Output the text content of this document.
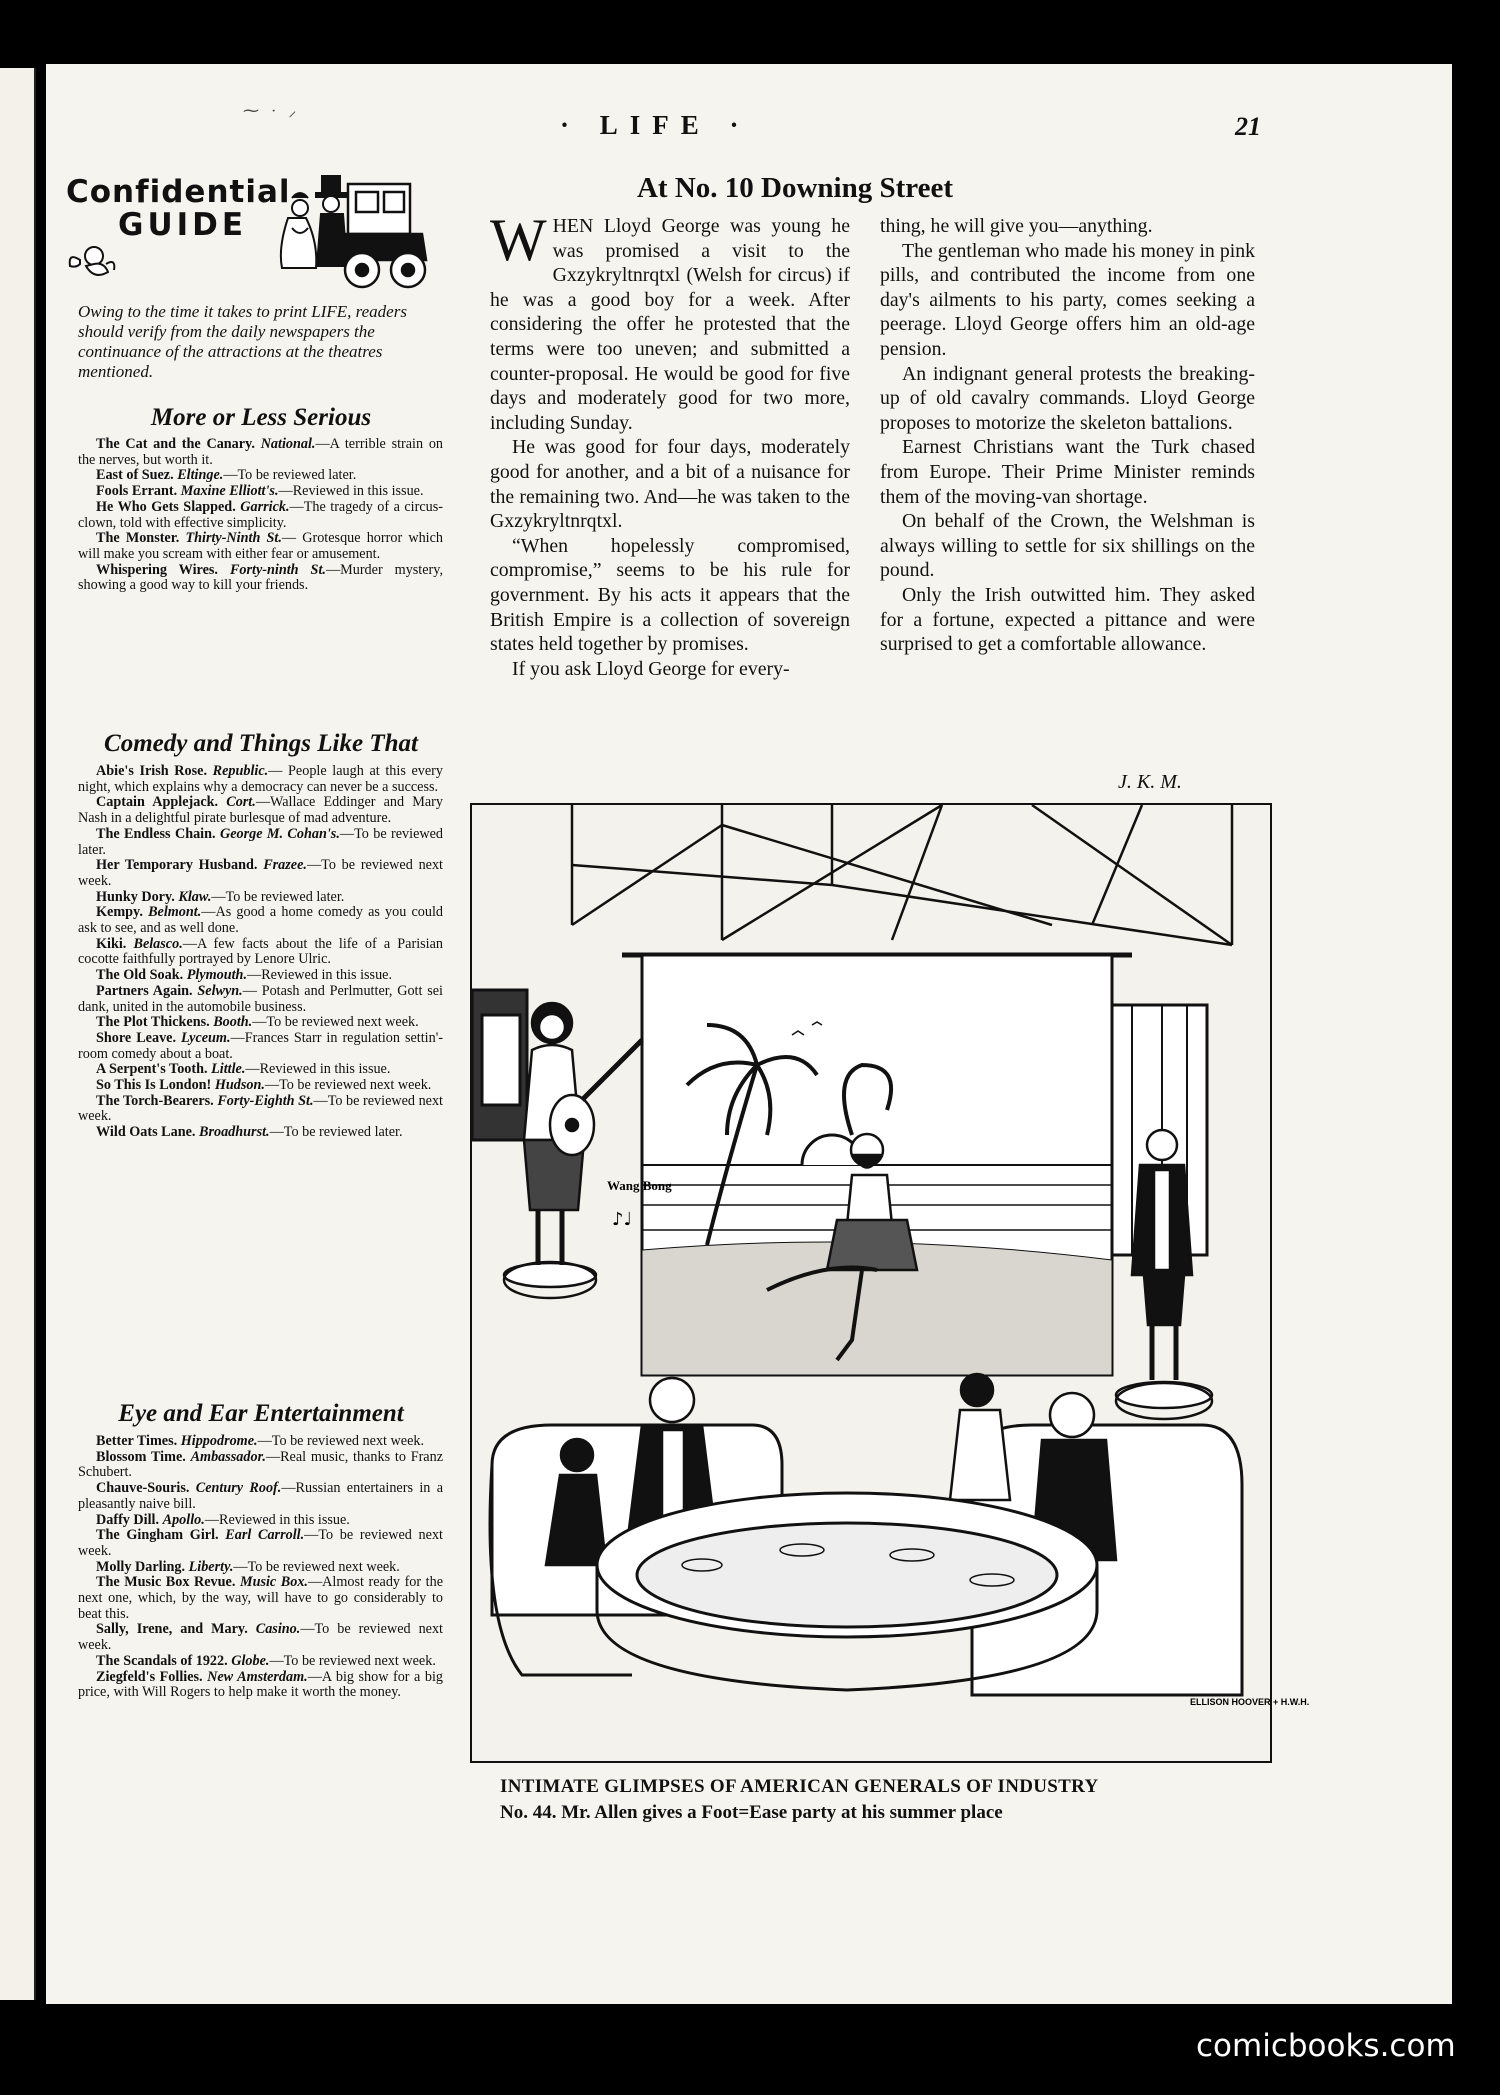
⁓ · ⸝	· LIFE ·	21
Confidential
GUIDE
Owing to the time it takes to print LIFE, readers should verify from the daily newspapers the continuance of the attractions at the theatres mentioned.
More or Less Serious

The Cat and the Canary. National.—A terrible strain on the nerves, but worth it.

East of Suez. Eltinge.—To be reviewed later.

Fools Errant. Maxine Elliott's.—Reviewed in this issue.

He Who Gets Slapped. Garrick.—The tragedy of a circus-clown, told with effective simplicity.

The Monster. Thirty-Ninth St.— Grotesque horror which will make you scream with either fear or amusement.

Whispering Wires. Forty-ninth St.—Murder mystery, showing a good way to kill your friends.

Comedy and Things Like That

Abie's Irish Rose. Republic.— People laugh at this every night, which explains why a democracy can never be a success.

Captain Applejack. Cort.—Wallace Eddinger and Mary Nash in a delightful pirate burlesque of mad adventure.

The Endless Chain. George M. Cohan's.—To be reviewed later.

Her Temporary Husband. Frazee.—To be reviewed next week.

Hunky Dory. Klaw.—To be reviewed later.

Kempy. Belmont.—As good a home comedy as you could ask to see, and as well done.

Kiki. Belasco.—A few facts about the life of a Parisian cocotte faithfully portrayed by Lenore Ulric.

The Old Soak. Plymouth.—Reviewed in this issue.

Partners Again. Selwyn.— Potash and Perlmutter, Gott sei dank, united in the automobile business.

The Plot Thickens. Booth.—To be reviewed next week.

Shore Leave. Lyceum.—Frances Starr in regulation settin'-room comedy about a boat.

A Serpent's Tooth. Little.—Reviewed in this issue.

So This Is London! Hudson.—To be reviewed next week.

The Torch-Bearers. Forty-Eighth St.—To be reviewed next week.

Wild Oats Lane. Broadhurst.—To be reviewed later.

Eye and Ear Entertainment

Better Times. Hippodrome.—To be reviewed next week.

Blossom Time. Ambassador.—Real music, thanks to Franz Schubert.

Chauve-Souris. Century Roof.—Russian entertainers in a pleasantly naive bill.

Daffy Dill. Apollo.—Reviewed in this issue.

The Gingham Girl. Earl Carroll.—To be reviewed next week.

Molly Darling. Liberty.—To be reviewed next week.

The Music Box Revue. Music Box.—Almost ready for the next one, which, by the way, will have to go considerably to beat this.

Sally, Irene, and Mary. Casino.—To be reviewed next week.

The Scandals of 1922. Globe.—To be reviewed next week.

Ziegfeld's Follies. New Amsterdam.—A big show for a big price, with Will Rogers to help make it worth the money.

At No. 10 Downing Street

WHEN Lloyd George was young he was promised a visit to the Gxzykryltnrqtxl (Welsh for circus) if he was a good boy for a week. After considering the offer he protested that the terms were too uneven; and submitted a counter-proposal. He would be good for five days and moderately good for two more, including Sunday.

He was good for four days, moderately good for another, and a bit of a nuisance for the remaining two. And—he was taken to the Gxzykryltnrqtxl.

“When hopelessly compromised, compromise,” seems to be his rule for government. By his acts it appears that the British Empire is a collection of sovereign states held together by promises.

If you ask Lloyd George for every-

thing, he will give you—anything.

The gentleman who made his money in pink pills, and contributed the income from one day's ailments to his party, comes seeking a peerage. Lloyd George offers him an old-age pension.

An indignant general protests the breaking-up of old cavalry commands. Lloyd George proposes to motorize the skeleton battalions.

Earnest Christians want the Turk chased from Europe. Their Prime Minister reminds them of the moving-van shortage.

On behalf of the Crown, the Welshman is always willing to settle for six shillings on the pound.

Only the Irish outwitted him. They asked for a fortune, expected a pittance and were surprised to get a comfortable allowance.

J. K. M.
Wang Bong
♪♩
ELLISON HOOVER + H.W.H.
INTIMATE GLIMPSES OF AMERICAN GENERALS OF INDUSTRY
No. 44. Mr. Allen gives a Foot=Ease party at his summer place
comicbooks.com
